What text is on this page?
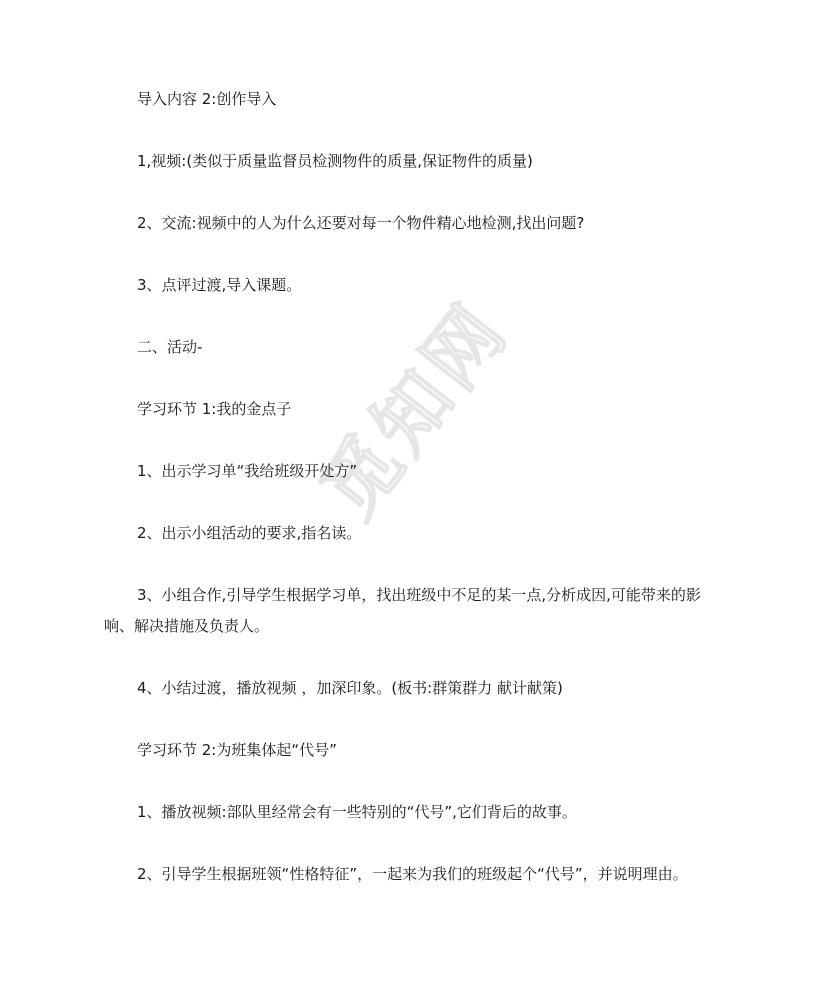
觅知网
导入内容 2:创作导入
1,视频:(类似于质量监督员检测物件的质量,保证物件的质量)
2、交流:视频中的人为什么还要对每一个物件精心地检测,找出问题?
3、点评过渡,导入课题。
二、活动-
学习环节 1:我的金点子
1、出示学习单“我给班级开处方”
2、出示小组活动的要求,指名读。
3、小组合作,引导学生根据学习单，找出班级中不足的某一点,分析成因,可能带来的影
响、解决措施及负责人。
4、小结过渡，播放视频 ，加深印象。(板书:群策群力 献计献策)
学习环节 2:为班集体起“代号”
1、播放视频:部队里经常会有一些特别的“代号”,它们背后的故事。
2、引导学生根据班领“性格特征”，一起来为我们的班级起个“代号”，并说明理由。
